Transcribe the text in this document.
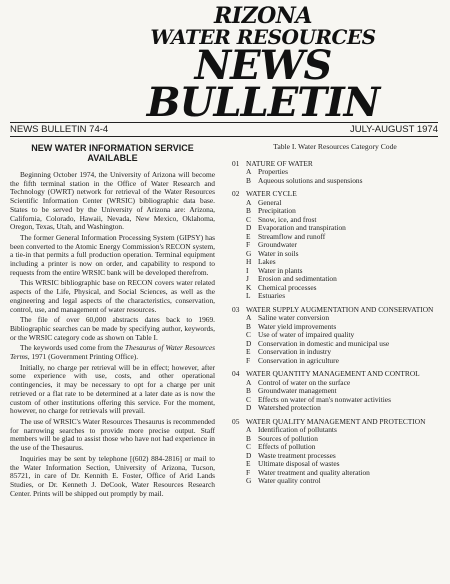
RIZONA
WATER RESOURCES
NEWS
BULLETIN
NEWS BULLETIN 74-4	JULY-AUGUST 1974
NEW WATER INFORMATION SERVICE AVAILABLE

Beginning October 1974, the University of Arizona will become the fifth terminal station in the Office of Water Research and Technology (OWRT) network for retrieval of the Water Resources Scientific Information Center (WRSIC) bibliographic data base. States to be served by the University of Arizona are: Arizona, California, Colorado, Hawaii, Nevada, New Mexico, Oklahoma, Oregon, Texas, Utah, and Washington.

The former General Information Processing System (GIPSY) has been converted to the Atomic Energy Commission's RECON system, a tie-in that permits a full production operation. Terminal equipment including a printer is now on order, and capability to respond to requests from the entire WRSIC bank will be developed therefrom.

This WRSIC bibliographic base on RECON covers water related aspects of the Life, Physical, and Social Sciences, as well as the engineering and legal aspects of the characteristics, conservation, control, use, and management of water resources.

The file of over 60,000 abstracts dates back to 1969. Bibliographic searches can be made by specifying author, keywords, or the WRSIC category code as shown on Table I.

The keywords used come from the Thesaurus of Water Resources Terms, 1971 (Government Printing Office).

Initially, no charge per retrieval will be in effect; however, after some experience with use, costs, and other operational contingencies, it may be necessary to opt for a charge per unit retrieved or a flat rate to be determined at a later date as is now the custom of other institutions offering this service. For the moment, however, no charge for retrievals will prevail.

The use of WRSIC's Water Resources Thesaurus is recommended for narrowing searches to provide more precise output. Staff members will be glad to assist those who have not had experience in the use of the Thesaurus.

Inquiries may be sent by telephone [(602) 884-2816] or mail to the Water Information Section, University of Arizona, Tucson, 85721, in care of Dr. Kennith E. Foster, Office of Arid Lands Studies, or Dr. Kenneth J. DeCook, Water Resources Research Center. Prints will be shipped out promptly by mail.

Table I. Water Resources Category Code
01 NATURE OF WATER
A Properties
B Aqueous solutions and suspensions
02 WATER CYCLE
A General
B Precipitation
C Snow, ice, and frost
D Evaporation and transpiration
E	Streamflow and runoff
F	Groundwater
G Water in soils
H Lakes
I	Water in plants
J	Erosion and sedimentation
K Chemical processes
L	Estuaries
03 WATER SUPPLY AUGMENTATION AND CONSERVATION
A Saline water conversion
B Water yield improvements
C Use of water of impaired quality
D Conservation in domestic and municipal use
E	Conservation in industry
F	Conservation in agriculture
04 WATER QUANTITY MANAGEMENT AND CONTROL
A Control of water on the surface
B Groundwater management
C Effects on water of man's nonwater activities
D Watershed protection
05 WATER QUALITY MANAGEMENT AND PROTECTION
A Identification of pollutants
B Sources of pollution
C Effects of pollution
D Waste treatment processes
E	Ultimate disposal of wastes
F	Water treatment and quality alteration
G Water quality control
